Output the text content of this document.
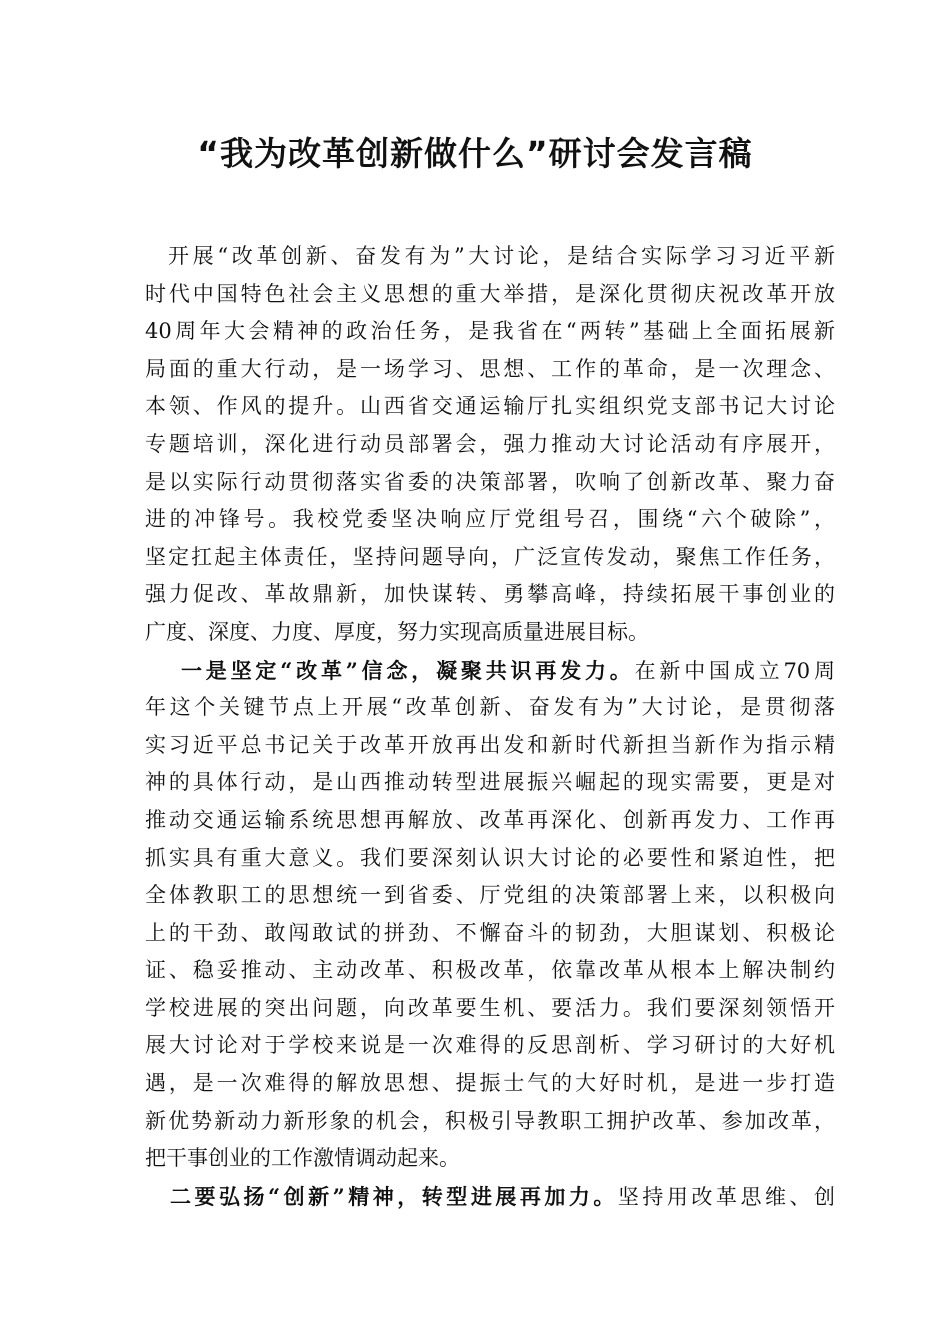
“我为改革创新做什么”研讨会发言稿
开展“改革创新、奋发有为”大讨论，是结合实际学习习近平新
时代中国特色社会主义思想的重大举措，是深化贯彻庆祝改革开放
40周年大会精神的政治任务，是我省在“两转”基础上全面拓展新
局面的重大行动，是一场学习、思想、工作的革命，是一次理念、
本领、作风的提升。山西省交通运输厅扎实组织党支部书记大讨论
专题培训，深化进行动员部署会，强力推动大讨论活动有序展开，
是以实际行动贯彻落实省委的决策部署，吹响了创新改革、聚力奋
进的冲锋号。我校党委坚决响应厅党组号召，围绕“六个破除”，
坚定扛起主体责任，坚持问题导向，广泛宣传发动，聚焦工作任务，
强力促改、革故鼎新，加快谋转、勇攀高峰，持续拓展干事创业的
广度、深度、力度、厚度，努力实现高质量进展目标。
一是坚定“改革”信念，凝聚共识再发力。在新中国成立70周
年这个关键节点上开展“改革创新、奋发有为”大讨论，是贯彻落
实习近平总书记关于改革开放再出发和新时代新担当新作为指示精
神的具体行动，是山西推动转型进展振兴崛起的现实需要，更是对
推动交通运输系统思想再解放、改革再深化、创新再发力、工作再
抓实具有重大意义。我们要深刻认识大讨论的必要性和紧迫性，把
全体教职工的思想统一到省委、厅党组的决策部署上来，以积极向
上的干劲、敢闯敢试的拼劲、不懈奋斗的韧劲，大胆谋划、积极论
证、稳妥推动、主动改革、积极改革，依靠改革从根本上解决制约
学校进展的突出问题，向改革要生机、要活力。我们要深刻领悟开
展大讨论对于学校来说是一次难得的反思剖析、学习研讨的大好机
遇，是一次难得的解放思想、提振士气的大好时机，是进一步打造
新优势新动力新形象的机会，积极引导教职工拥护改革、参加改革，
把干事创业的工作激情调动起来。
二要弘扬“创新”精神，转型进展再加力。坚持用改革思维、创
